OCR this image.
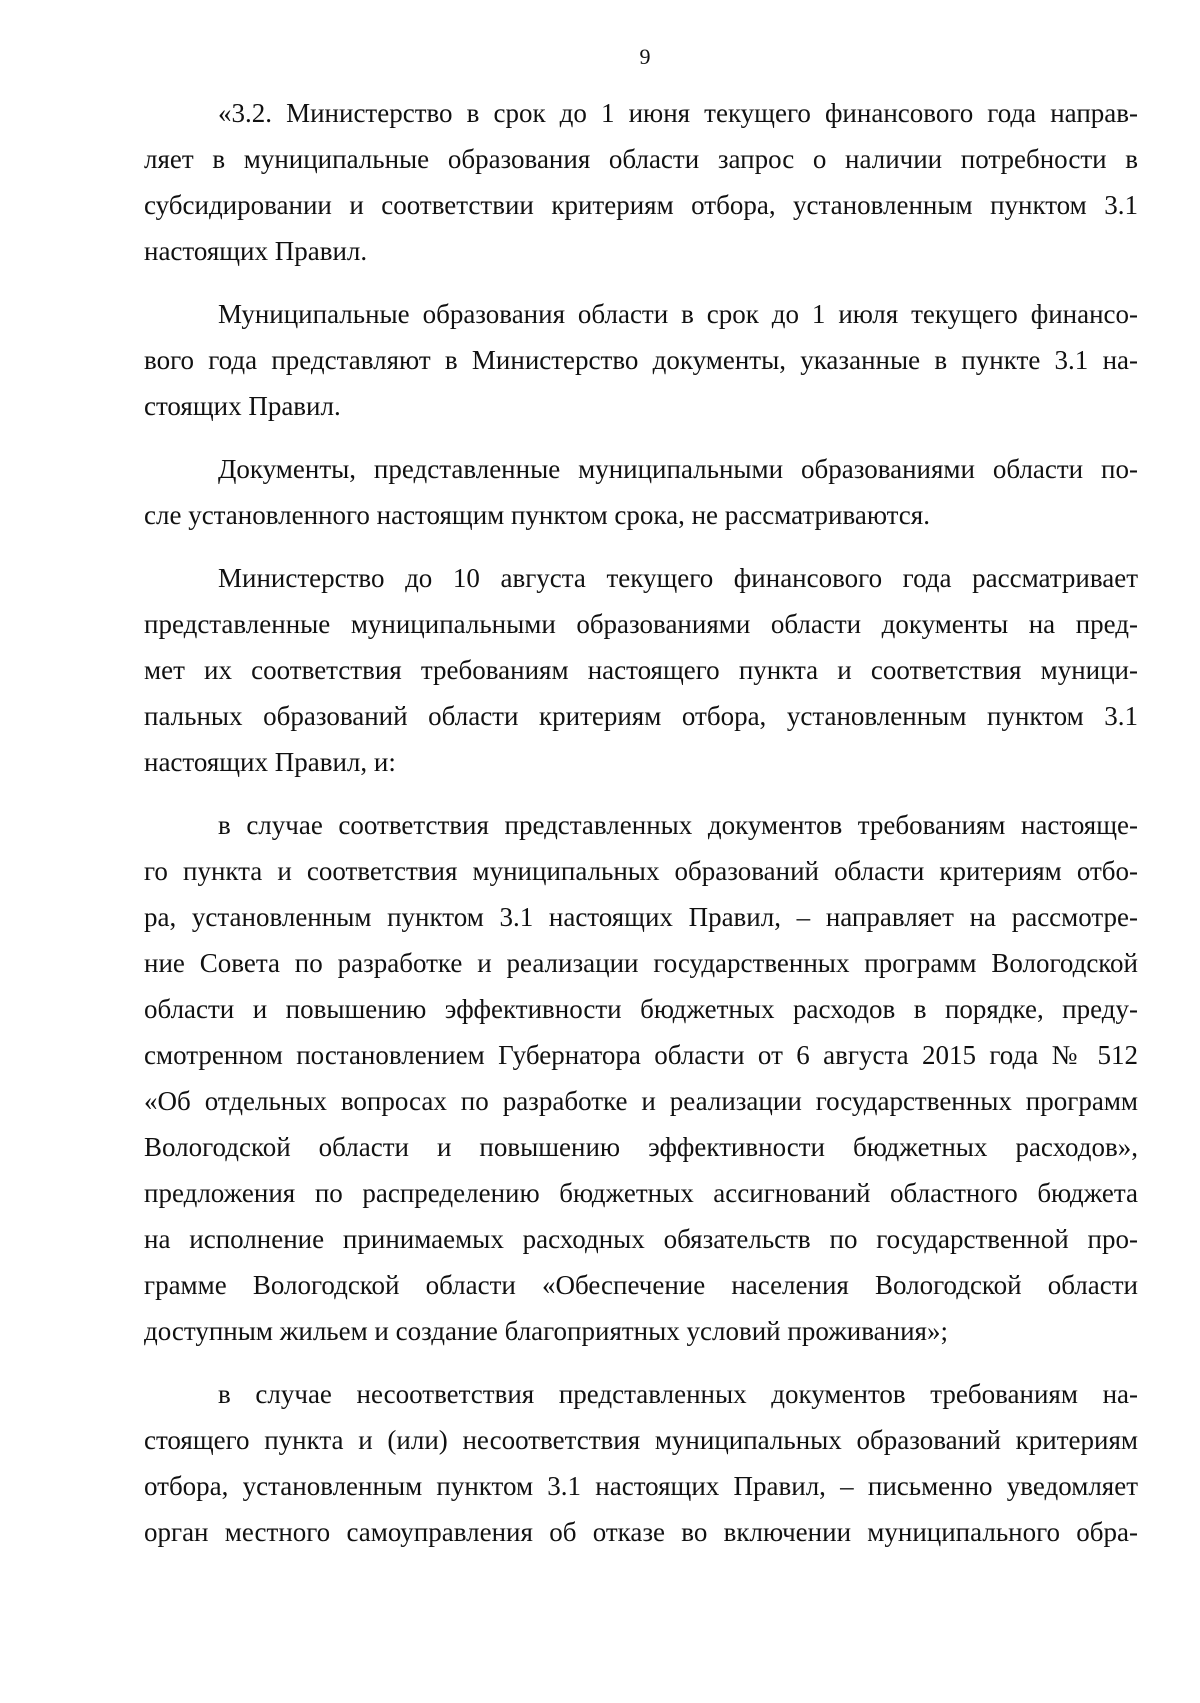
9
«3.2. Министерство в срок до 1 июня текущего финансового года направ-
ляет в муниципальные образования области запрос о наличии потребности в
субсидировании и соответствии критериям отбора, установленным пунктом 3.1
настоящих Правил.
Муниципальные образования области в срок до 1 июля текущего финансо-
вого года представляют в Министерство документы, указанные в пункте 3.1 на-
стоящих Правил.
Документы, представленные муниципальными образованиями области по-
сле установленного настоящим пунктом срока, не рассматриваются.
Министерство до 10 августа текущего финансового года рассматривает
представленные муниципальными образованиями области документы на пред-
мет их соответствия требованиям настоящего пункта и соответствия муници-
пальных образований области критериям отбора, установленным пунктом 3.1
настоящих Правил, и:
в случае соответствия представленных документов требованиям настояще-
го пункта и соответствия муниципальных образований области критериям отбо-
ра, установленным пунктом 3.1 настоящих Правил, – направляет на рассмотре-
ние Совета по разработке и реализации государственных программ Вологодской
области и повышению эффективности бюджетных расходов в порядке, преду-
смотренном постановлением Губернатора области от 6 августа 2015 года № 512
«Об отдельных вопросах по разработке и реализации государственных программ
Вологодской области и повышению эффективности бюджетных расходов»,
предложения по распределению бюджетных ассигнований областного бюджета
на исполнение принимаемых расходных обязательств по государственной про-
грамме Вологодской области «Обеспечение населения Вологодской области
доступным жильем и создание благоприятных условий проживания»;
в случае несоответствия представленных документов требованиям на-
стоящего пункта и (или) несоответствия муниципальных образований критериям
отбора, установленным пунктом 3.1 настоящих Правил, – письменно уведомляет
орган местного самоуправления об отказе во включении муниципального обра-
